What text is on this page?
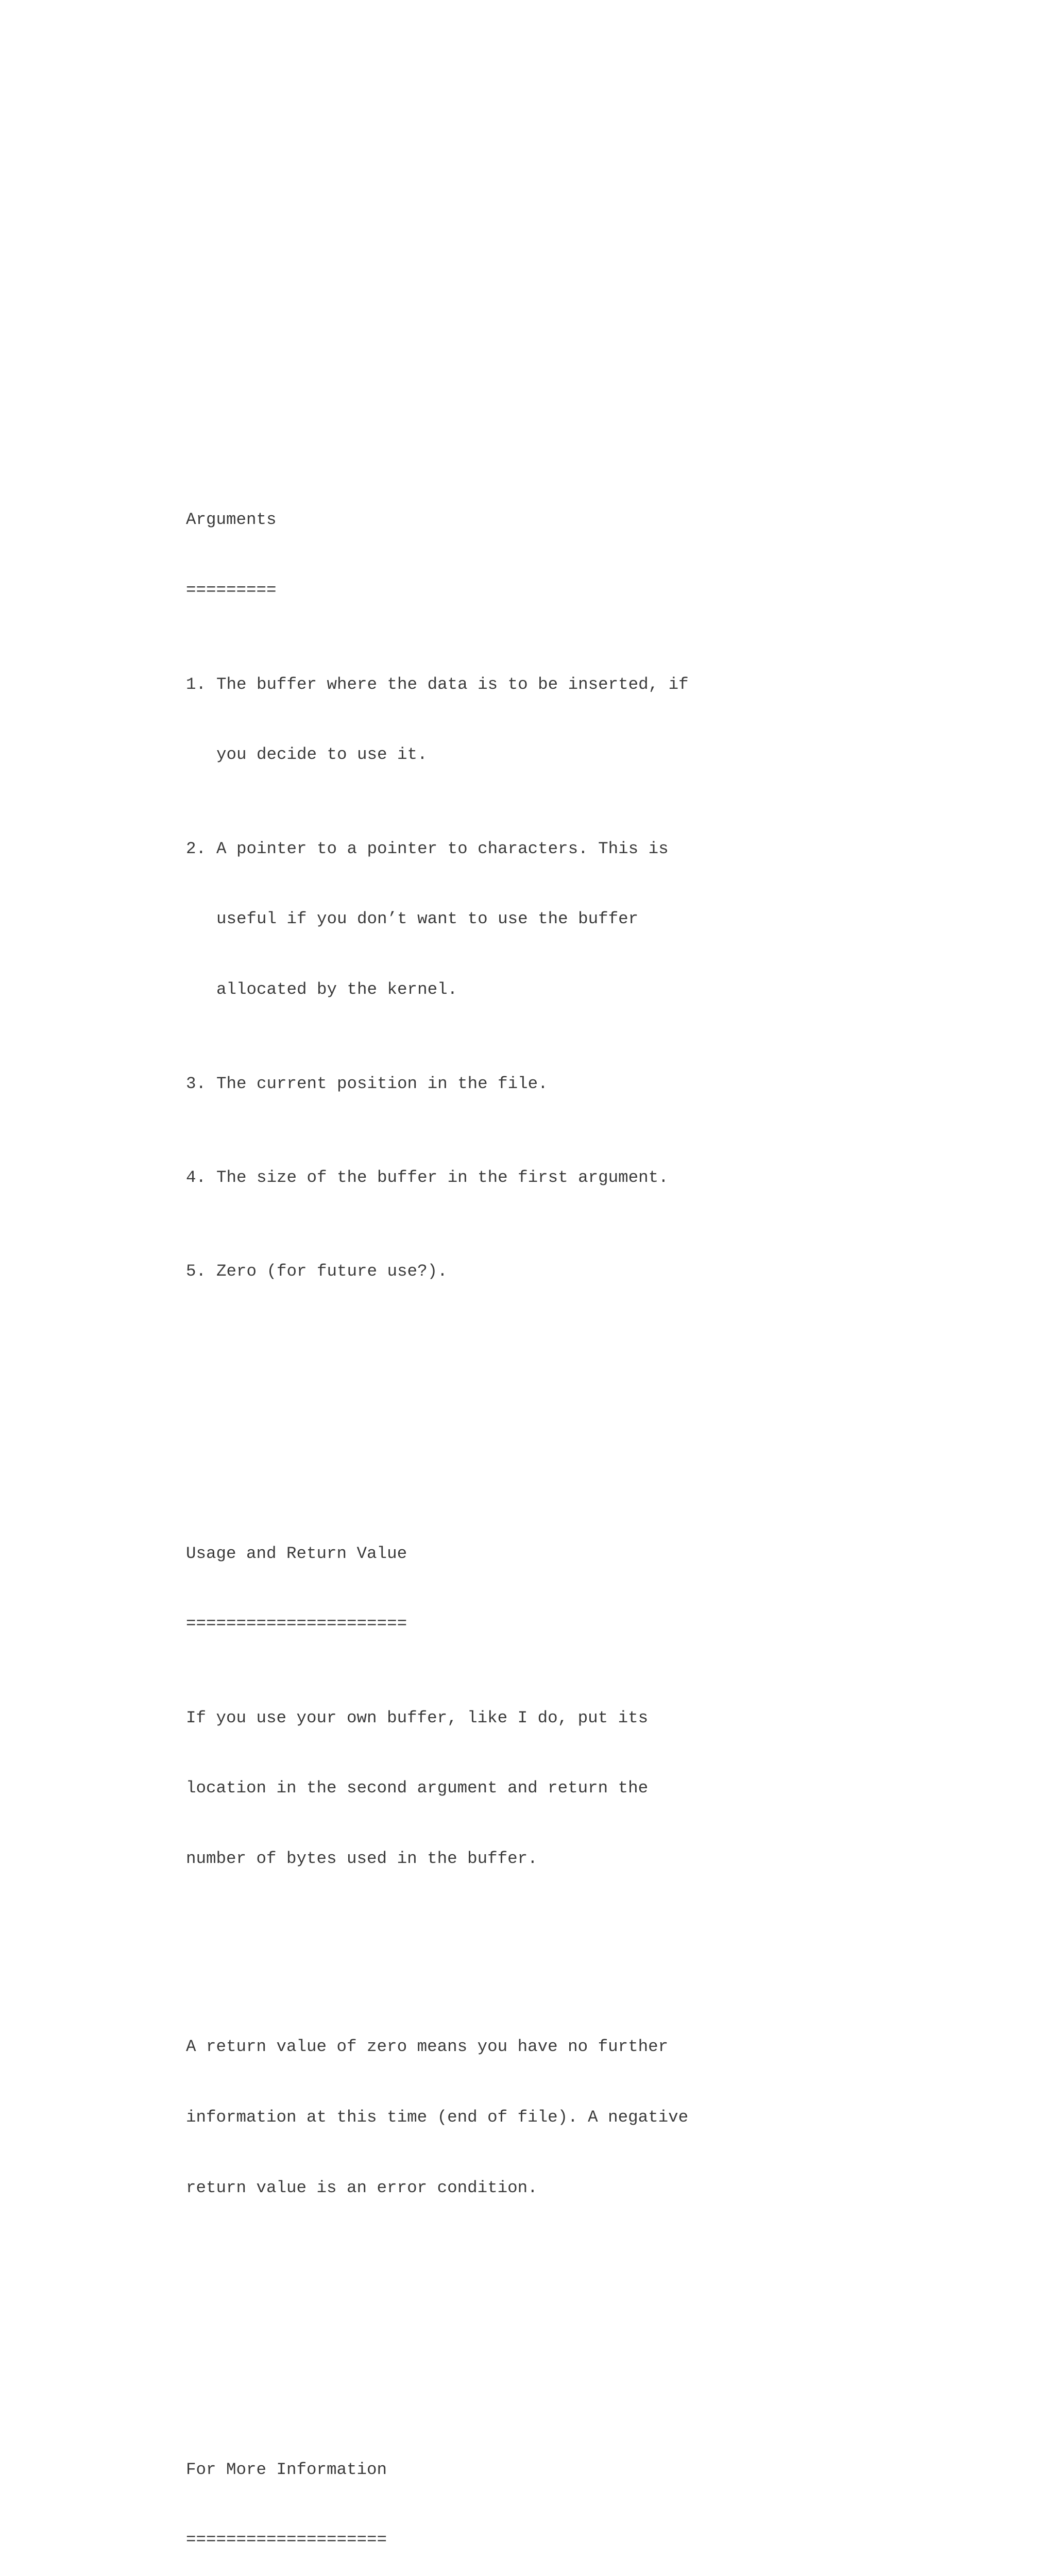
Arguments

=========

1. The buffer where the data is to be inserted, if

you decide to use it.

2. A pointer to a pointer to characters. This is

useful if you don’t want to use the buffer

allocated by the kernel.

3. The current position in the file.

4. The size of the buffer in the first argument.

5. Zero (for future use?).

Usage and Return Value

======================

If you use your own buffer, like I do, put its

location in the second argument and return the

number of bytes used in the buffer.

A return value of zero means you have no further

information at this time (end of file). A negative

return value is an error condition.

For More Information

====================
